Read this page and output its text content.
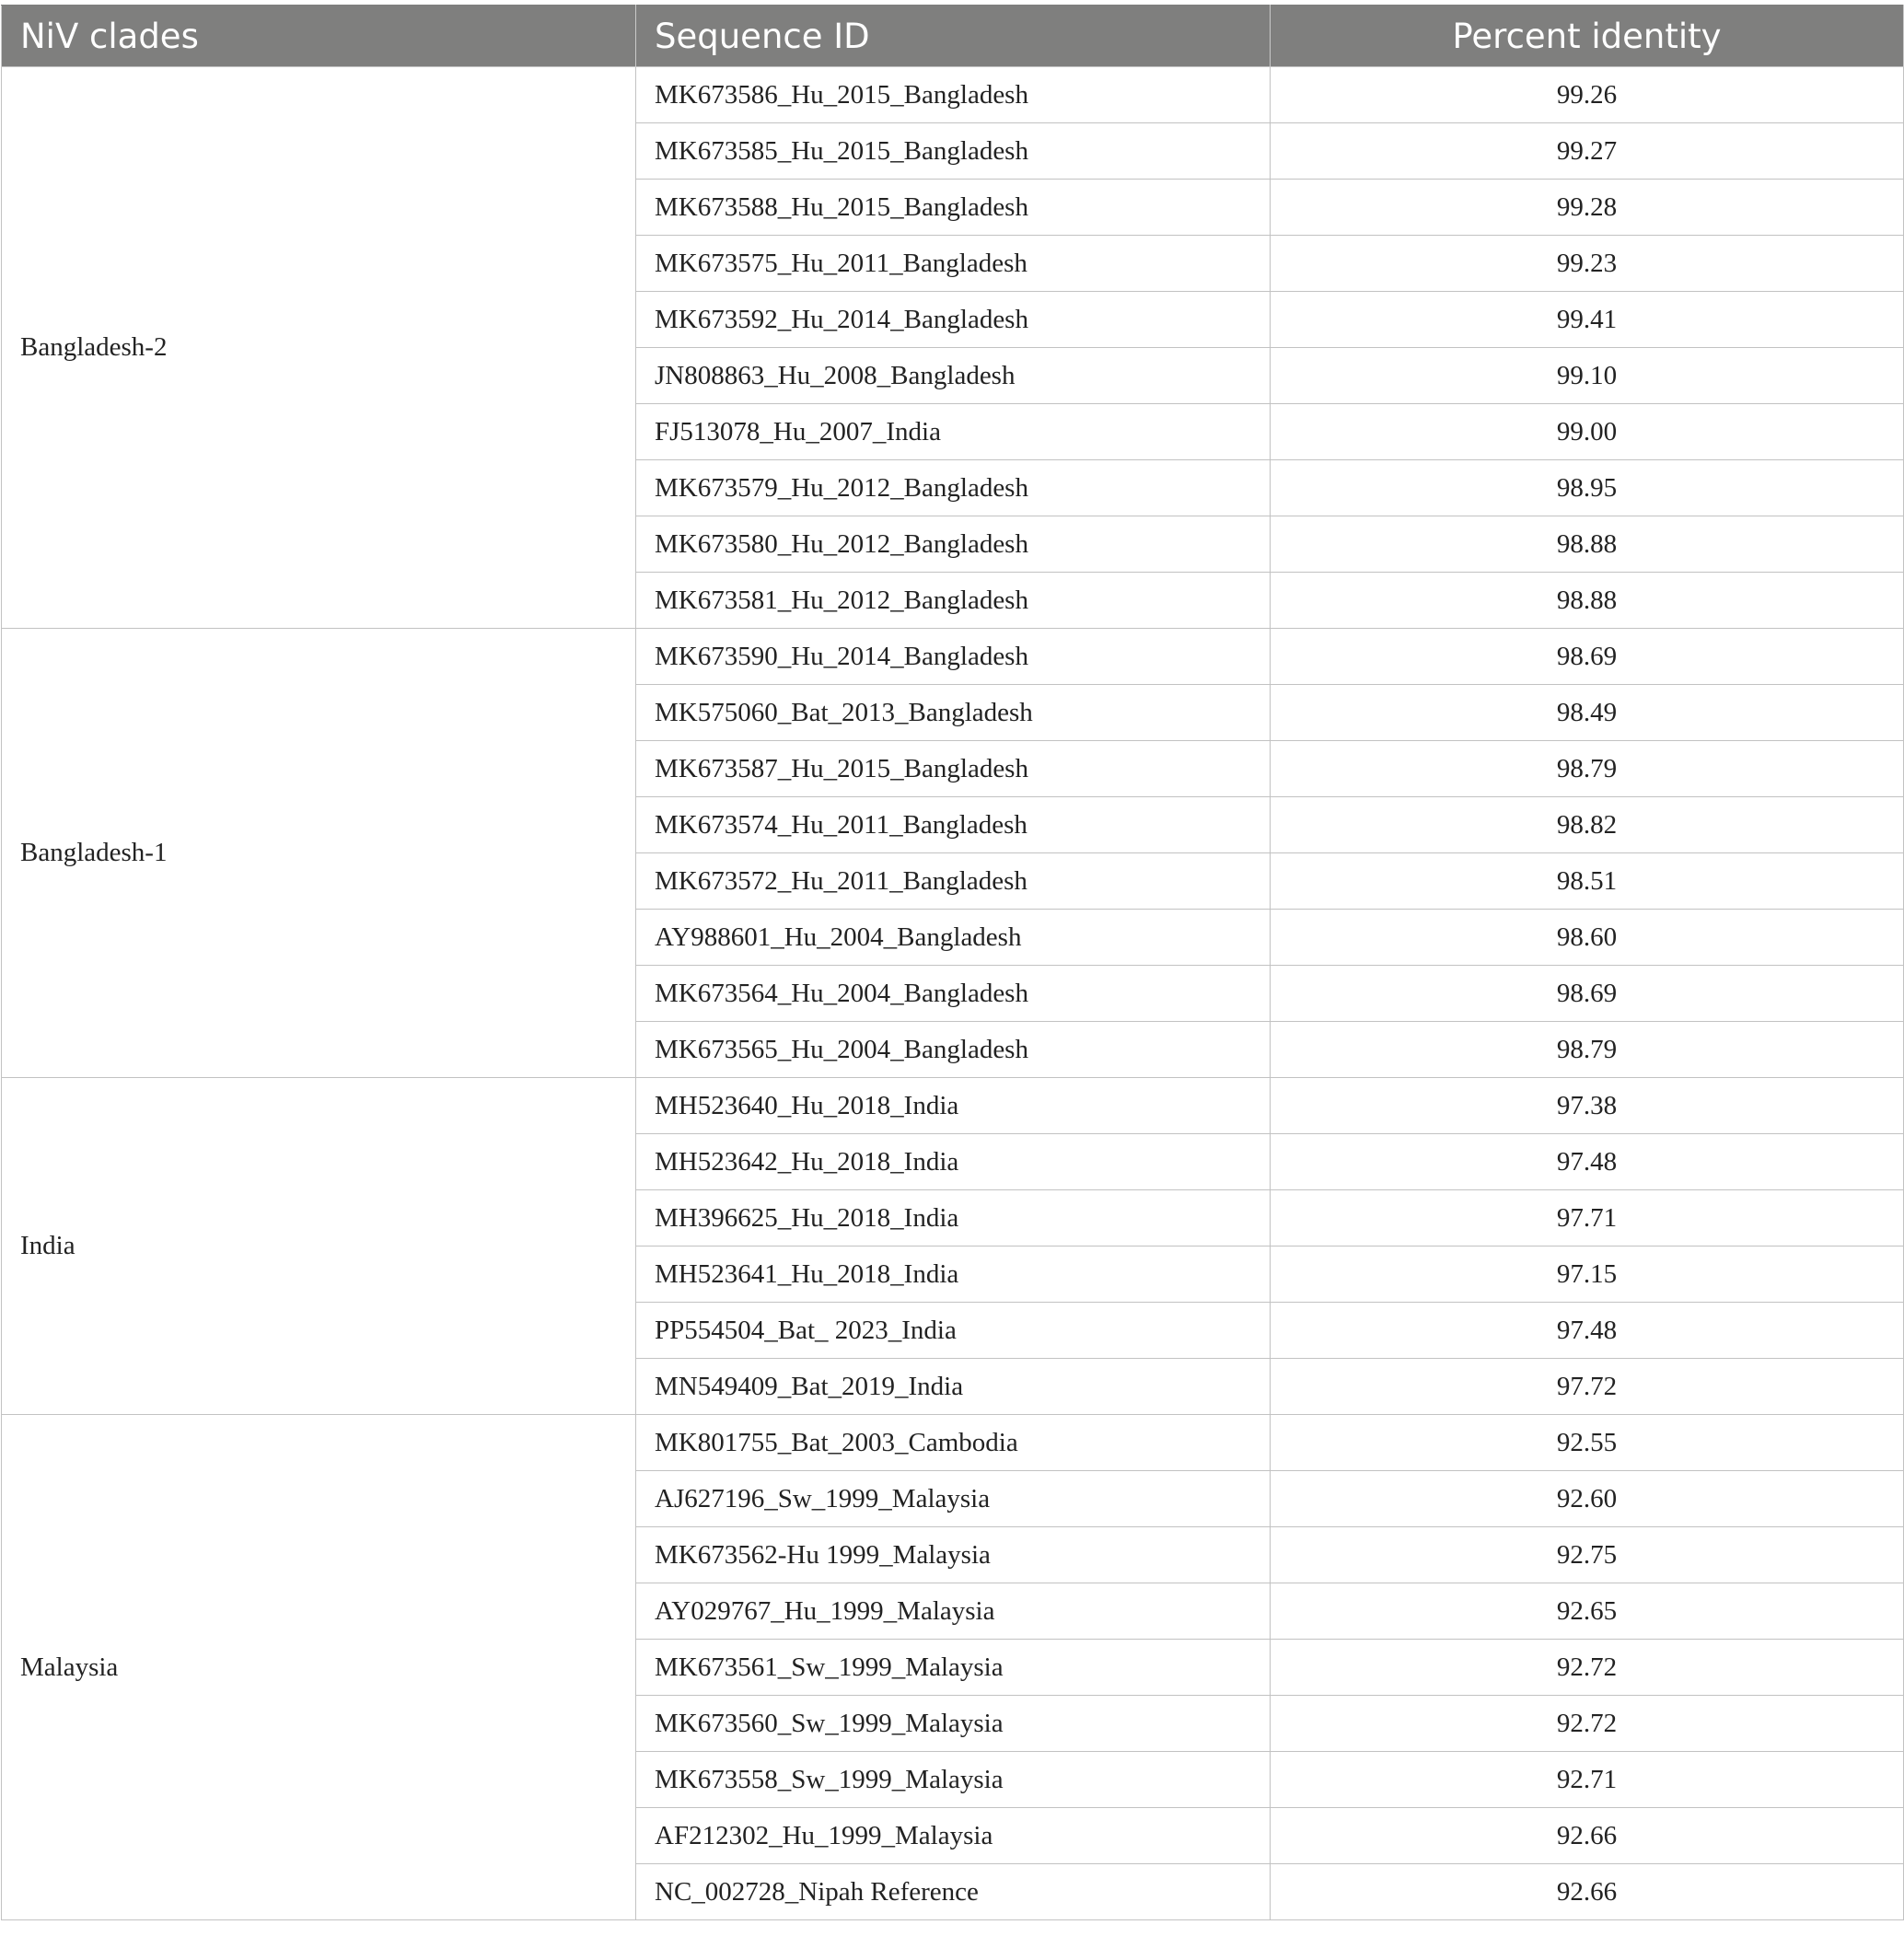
NiV clades	Sequence ID	Percent identity
Bangladesh-2	MK673586_Hu_2015_Bangladesh	99.26
	MK673585_Hu_2015_Bangladesh	99.27
	MK673588_Hu_2015_Bangladesh	99.28
	MK673575_Hu_2011_Bangladesh	99.23
	MK673592_Hu_2014_Bangladesh	99.41
	JN808863_Hu_2008_Bangladesh	99.10
	FJ513078_Hu_2007_India	99.00
	MK673579_Hu_2012_Bangladesh	98.95
	MK673580_Hu_2012_Bangladesh	98.88
	MK673581_Hu_2012_Bangladesh	98.88
Bangladesh-1	MK673590_Hu_2014_Bangladesh	98.69
	MK575060_Bat_2013_Bangladesh	98.49
	MK673587_Hu_2015_Bangladesh	98.79
	MK673574_Hu_2011_Bangladesh	98.82
	MK673572_Hu_2011_Bangladesh	98.51
	AY988601_Hu_2004_Bangladesh	98.60
	MK673564_Hu_2004_Bangladesh	98.69
	MK673565_Hu_2004_Bangladesh	98.79
India	MH523640_Hu_2018_India	97.38
	MH523642_Hu_2018_India	97.48
	MH396625_Hu_2018_India	97.71
	MH523641_Hu_2018_India	97.15
	PP554504_Bat_ 2023_India	97.48
	MN549409_Bat_2019_India	97.72
Malaysia	MK801755_Bat_2003_Cambodia	92.55
	AJ627196_Sw_1999_Malaysia	92.60
	MK673562-Hu 1999_Malaysia	92.75
	AY029767_Hu_1999_Malaysia	92.65
	MK673561_Sw_1999_Malaysia	92.72
	MK673560_Sw_1999_Malaysia	92.72
	MK673558_Sw_1999_Malaysia	92.71
	AF212302_Hu_1999_Malaysia	92.66
	NC_002728_Nipah Reference	92.66
